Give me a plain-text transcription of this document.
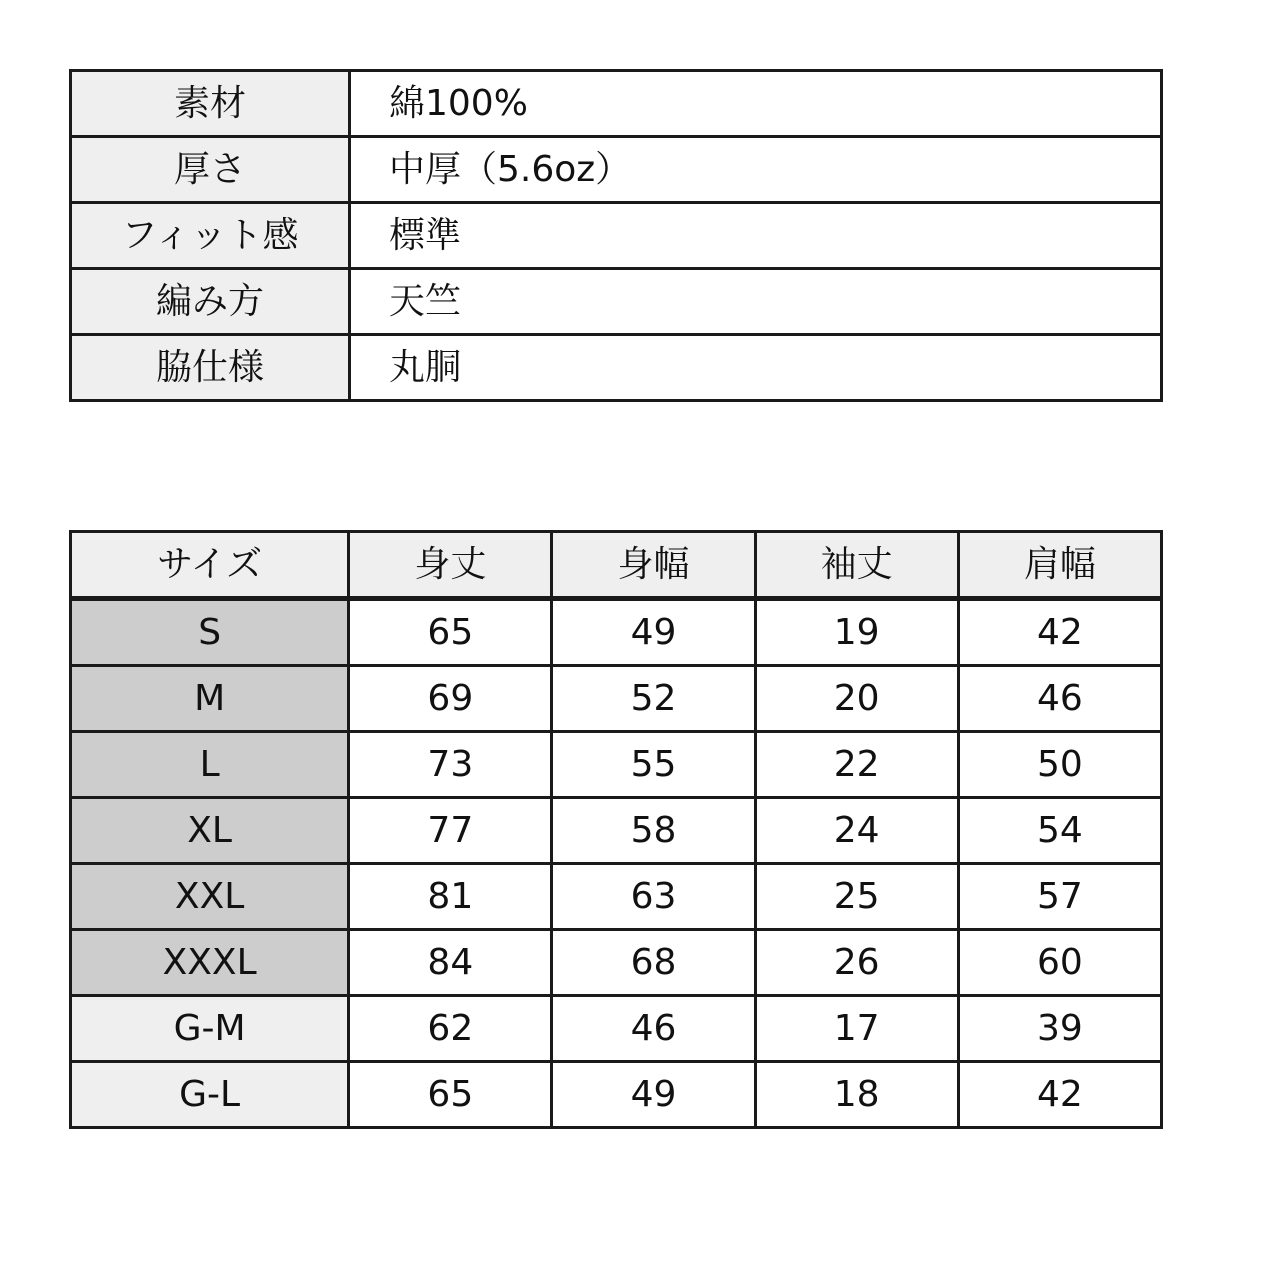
素材	綿100%
厚さ	中厚（5.6oz）
フィット感	標準
編み方	天竺
脇仕様	丸胴
サイズ	身丈	身幅	袖丈	肩幅
S	65	49	19	42
M	69	52	20	46
L	73	55	22	50
XL	77	58	24	54
XXL	81	63	25	57
XXXL	84	68	26	60
G-M	62	46	17	39
G-L	65	49	18	42
